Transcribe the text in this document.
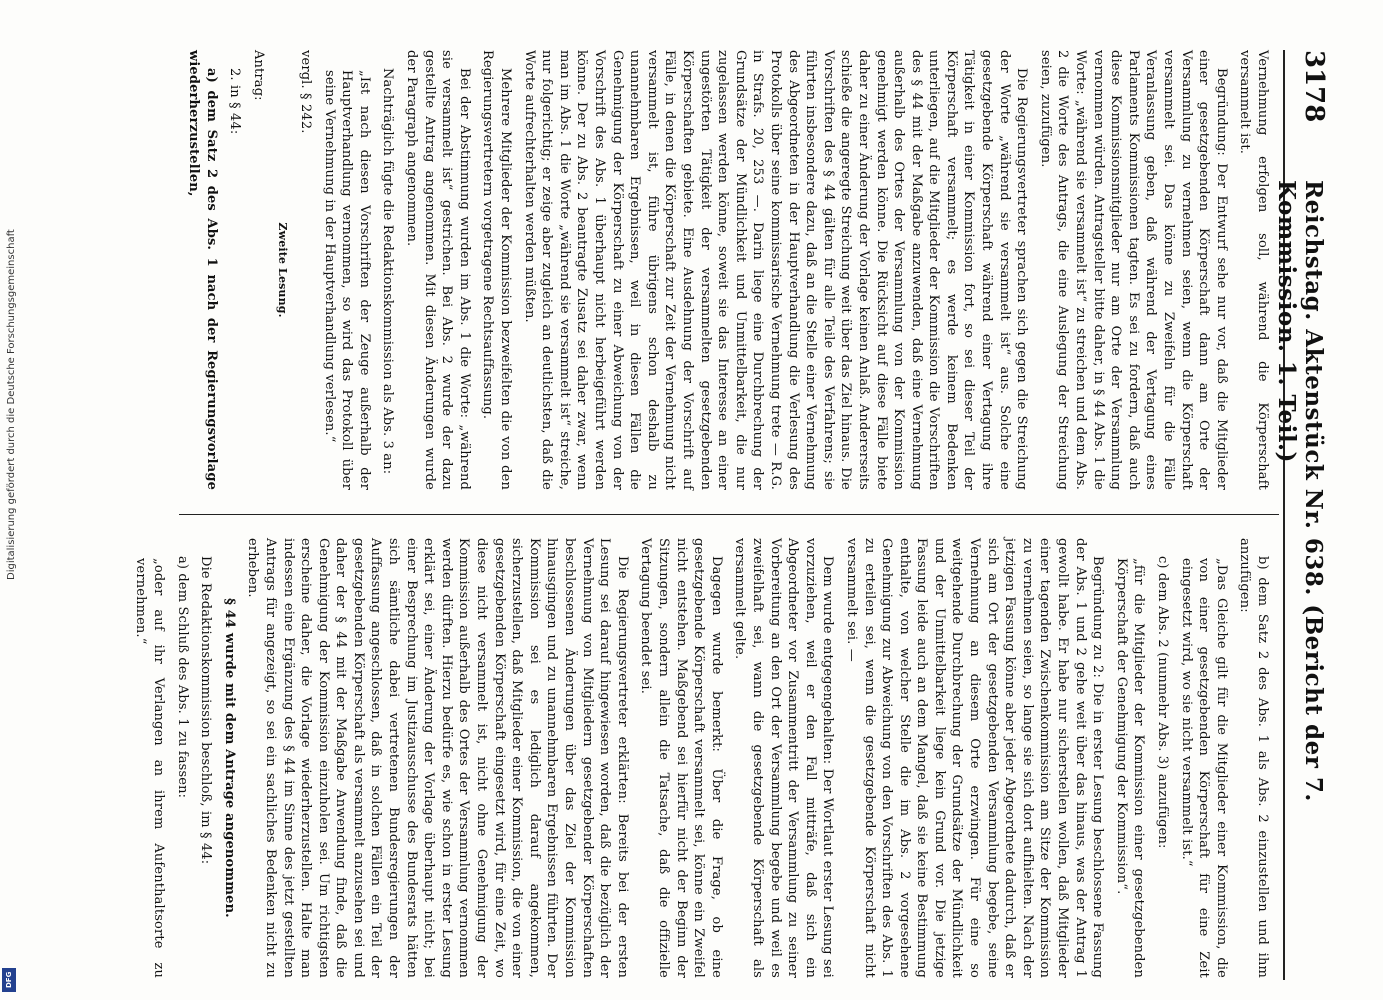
3178
Reichstag. Aktenstück Nr. 638. (Bericht der 7. Kommission. 1. Teil.)

Vernehmung erfolgen soll, während die Körperschaft versammelt ist.

Begründung: Der Entwurf sehe nur vor, daß die Mitglieder einer gesetzgebenden Körperschaft dann am Orte der Versammlung zu vernehmen seien, wenn die Körperschaft versammelt sei. Das könne zu Zweifeln für die Fälle Veranlassung geben, daß während der Vertagung eines Parlaments Kommissionen tagten. Es sei zu fordern, daß auch diese Kommissionsmitglieder nur am Orte der Versammlung vernommen würden. Antragsteller bitte daher, in § 44 Abs. 1 die Worte: „während sie versammelt ist“ zu streichen und dem Abs. 2 die Worte des Antrags, die eine Auslegung der Streichung seien, zuzufügen.

Die Regierungsvertreter sprachen sich gegen die Streichung der Worte „während sie versammelt ist“ aus. Solche eine gesetzgebende Körperschaft während einer Vertagung ihre Tätigkeit in einer Kommission fort, so sei dieser Teil der Körperschaft versammelt; es werde keinem Bedenken unterliegen, auf die Mitglieder der Kommission die Vorschriften des § 44 mit der Maßgabe anzuwenden, daß eine Vernehmung außerhalb des Ortes der Versammlung von der Kommission genehmigt werden könne. Die Rücksicht auf diese Fälle biete daher zu einer Änderung der Vorlage keinen Anlaß. Andererseits schieße die angeregte Streichung weit über das Ziel hinaus. Die Vorschriften des § 44 gälten für alle Teile des Verfahrens; sie führten insbesondere dazu, daß an die Stelle einer Vernehmung des Abgeordneten in der Hauptverhandlung die Verlesung des Protokolls über seine kommissarische Vernehmung trete — R.G. in Strafs. 20, 253 —. Darin liege eine Durchbrechung der Grundsätze der Mündlichkeit und Unmittelbarkeit, die nur zugelassen werden könne, soweit sie das Interesse an einer ungestörten Tätigkeit der versammelten gesetzgebenden Körperschaften gebiete. Eine Ausdehnung der Vorschrift auf Fälle, in denen die Körperschaft zur Zeit der Vernehmung nicht versammelt ist, führe übrigens schon deshalb zu unannehmbaren Ergebnissen, weil in diesen Fällen die Genehmigung der Körperschaft zu einer Abweichung von der Vorschrift des Abs. 1 überhaupt nicht herbeigeführt werden könne. Der zu Abs. 2 beantragte Zusatz sei daher zwar, wenn man im Abs. 1 die Worte „während sie versammelt ist“ streiche, nur folgerichtig; er zeige aber zugleich an deutlichsten, daß die Worte aufrechterhalten werden müßten.

Mehrere Mitglieder der Kommission bezweifelten die von den Regierungsvertretern vorgetragene Rechtsauffassung.

Bei der Abstimmung wurden im Abs. 1 die Worte: „während sie versammelt ist“ gestrichen. Bei Abs. 2 wurde der dazu gestellte Antrag angenommen. Mit diesen Änderungen wurde der Paragraph angenommen.

Nachträglich fügte die Redaktionskommission als Abs. 3 an:

„Ist nach diesen Vorschriften der Zeuge außerhalb der Hauptverhandlung vernommen, so wird das Protokoll über seine Vernehmung in der Hauptverhandlung verlesen.“

vergl. § 242.

Zweite Lesung.

Antrag:

2. in § 44:

a) dem Satz 2 des Abs. 1 nach der Regierungsvorlage wiederherzustellen,

b) dem Satz 2 des Abs. 1 als Abs. 2 einzustellen und ihm anzufügen:

„Das Gleiche gilt für die Mitglieder einer Kommission, die von einer gesetzgebenden Körperschaft für eine Zeit eingesetzt wird, wo sie nicht versammelt ist.“

c) dem Abs. 2 (nunmehr Abs. 3) anzufügen:

„für die Mitglieder der Kommission einer gesetzgebenden Körperschaft der Genehmigung der Kommission“.

Begründung zu 2: Die in erster Lesung beschlossene Fassung der Abs. 1 und 2 gehe weit über das hinaus, was der Antrag 1 gewollt habe. Er habe nur sicherstellen wollen, daß Mitglieder einer tagenden Zwischenkommission am Sitze der Kommission zu vernehmen seien, so lange sie sich dort aufhielten. Nach der jetzigen Fassung könne aber jeder Abgeordnete dadurch, daß er sich am Ort der gesetzgebenden Versammlung begebe, seine Vernehmung an diesem Orte erzwingen. Für eine so weitgehende Durchbrechung der Grundsätze der Mündlichkeit und der Unmittelbarkeit liege kein Grund vor. Die jetzige Fassung leide auch an dem Mangel, daß sie keine Bestimmung enthalte, von welcher Stelle die im Abs. 2 vorgesehene Genehmigung zur Abweichung von den Vorschriften des Abs. 1 zu erteilen sei, wenn die gesetzgebende Körperschaft nicht versammelt sei. —

Dem wurde entgegengehalten: Der Wortlaut erster Lesung sei vorzuziehen, weil er den Fall mitträfe, daß sich ein Abgeordneter vor Zusammentritt der Versammlung zu seiner Vorbereitung an den Ort der Versammlung begebe und weil es zweifelhaft sei, wann die gesetzgebende Körperschaft als versammelt gelte.

Dagegen wurde bemerkt: Über die Frage, ob eine gesetzgebende Körperschaft versammelt sei, könne ein Zweifel nicht entstehen. Maßgebend sei hierfür nicht der Beginn der Sitzungen, sondern allein die Tatsache, daß die offizielle Vertagung beendet sei.

Die Regierungsvertreter erklärten: Bereits bei der ersten Lesung sei darauf hingewiesen worden, daß die bezüglich der Vernehmung von Mitgliedern gesetzgebender Körperschaften beschlossenen Änderungen über das Ziel der Kommission hinausgingen und zu unannehmbaren Ergebnissen führten. Der Kommission sei es lediglich darauf angekommen, sicherzustellen, daß Mitglieder einer Kommission, die von einer gesetzgebenden Körperschaft eingesetzt wird, für eine Zeit, wo diese nicht versammelt ist, nicht ohne Genehmigung der Kommission außerhalb des Ortes der Versammlung vernommen werden dürften. Hierzu bedürfe es, wie schon in erster Lesung erklärt sei, einer Änderung der Vorlage überhaupt nicht; bei einer Besprechung im Justizausschusse des Bundesrats hätten sich sämtliche dabei vertretenen Bundesregierungen der Auffassung angeschlossen, daß in solchen Fällen ein Teil der gesetzgebenden Körperschaft als versammelt anzusehen sei und daher der § 44 mit der Maßgabe Anwendung finde, daß die Genehmigung der Kommission einzuholen sei. Um richtigsten erscheine daher, die Vorlage wiederherzustellen. Halte man indessen eine Ergänzung des § 44 im Sinne des jetzt gestellten Antrags für angezeigt, so sei ein sachliches Bedenken nicht zu erheben.

§ 44 wurde mit dem Antrage angenommen.

Die Redaktionskommission beschloß, im § 44:

a) dem Schluß des Abs. 1 zu fassen:

„oder auf ihr Verlangen an ihrem Aufenthaltsorte zu vernehmen.“

Digitalisierung gefördert durch die Deutsche Forschungsgemeinschaft
DFG
